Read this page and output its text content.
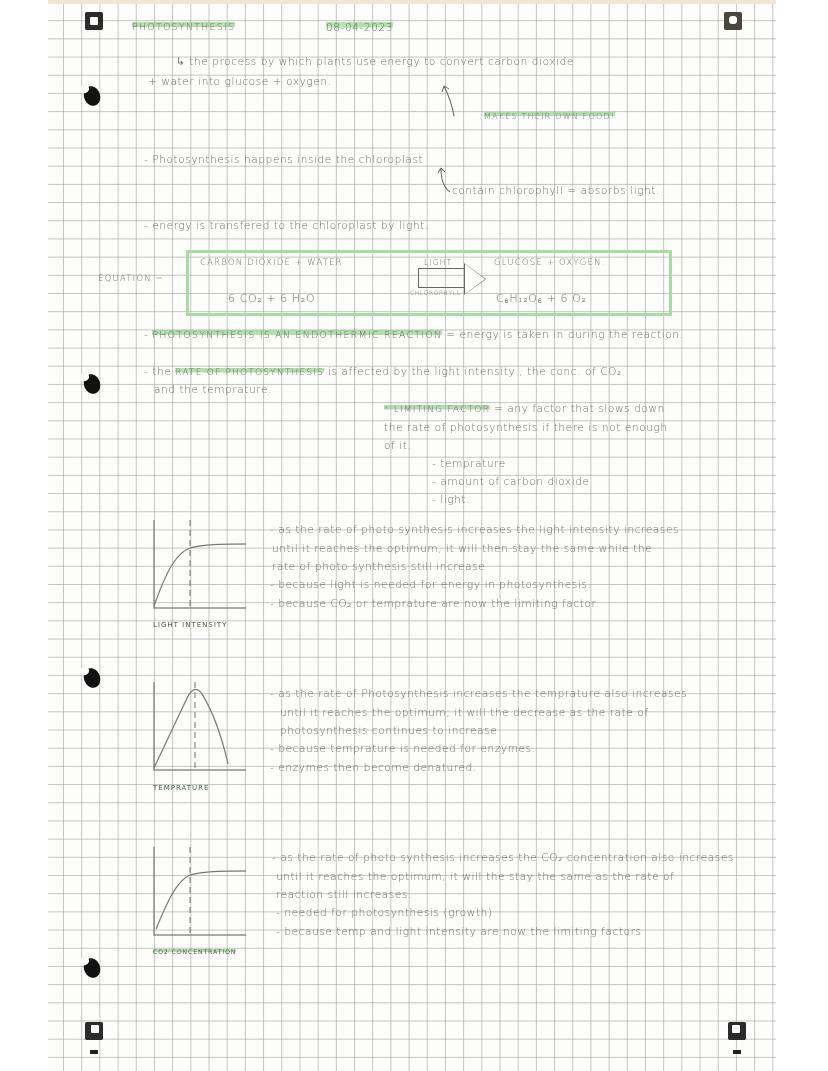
PHOTOSYNTHESIS	08-04-2023
↳ the process by which plants use energy to convert carbon dioxide
+ water into glucose + oxygen.
MAKES THEIR OWN FOOD!
- Photosynthesis happens inside the chloroplast
contain chlorophyll = absorbs light.
- energy is transfered to the chloroplast by light.
EQUATION =
CARBON DIOXIDE + WATER	LIGHT
CHLOROPHYLL
GLUCOSE + OXYGEN.
6 CO₂ + 6 H₂O	C₆H₁₂O₆ + 6 O₂
- PHOTOSYNTHESIS IS AN ENDOTHERMIC REACTION = energy is taken in during the reaction.
- the RATE OF PHOTOSYNTHESIS is affected by the light intensity , the conc. of CO₂
and the temprature.
* LIMITING FACTOR = any factor that slows down
the rate of photosynthesis if there is not enough
of it.
- temprature
- amount of carbon dioxide
- light.
LIGHT INTENSITY
- as the rate of photo synthesis increases the light intensity increases
until it reaches the optimum, it will then stay the same while the
rate of photo synthesis still increase.
- because light is needed for energy in photosynthesis.
- because CO₂ or temprature are now the limiting factor.
TEMPRATURE
- as the rate of Photosynthesis increases the temprature also increases
until it reaches the optimum; it will the decrease as the rate of
photosynthesis continues to increase
- because temprature is needed for enzymes.
- enzymes then become denatured.
CO2 CONCENTRATION
- as the rate of photo synthesis increases the CO₂ concentration also increases
until it reaches the optimum, it will the stay the same as the rate of
reaction still increases.
- needed for photosynthesis (growth)
- because temp and light intensity are now the limiting factors
